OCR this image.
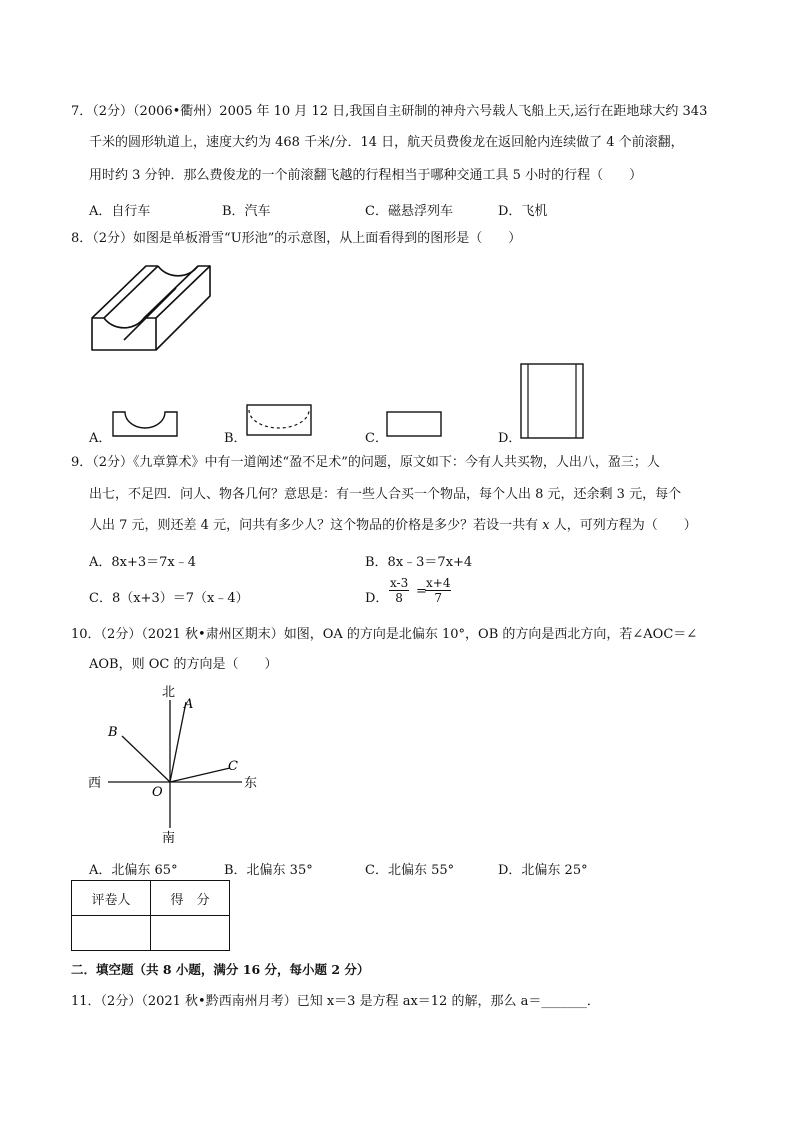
7．（2分）（2006•衢州）2005 年 10 月 12 日,我国自主研制的神舟六号载人飞船上天,运行在距地球大约 343
千米的圆形轨道上，速度大约为 468 千米/分．14 日，航天员费俊龙在返回舱内连续做了 4 个前滚翻，
用时约 3 分钟．那么费俊龙的一个前滚翻飞越的行程相当于哪种交通工具 5 小时的行程（　　）
A．自行车	B．汽车	C．磁悬浮列车	D．飞机
8．（2分）如图是单板滑雪“U形池”的示意图，从上面看得到的图形是（　　）
A．	B．	C．	D．
9．（2分）《九章算术》中有一道阐述“盈不足术”的问题，原文如下：今有人共买物，人出八，盈三；人
出七，不足四．问人、物各几何？意思是：有一些人合买一个物品，每个人出 8 元，还余剩 3 元，每个
人出 7 元，则还差 4 元，问共有多少人？这个物品的价格是多少？若设一共有 x 人，可列方程为（　　）
A．8x+3＝7x﹣4	B．8x﹣3＝7x+4
C．8（x+3）＝7（x﹣4）	D． $\frac{x-3}{8}$ =
$\frac{x+4}{7}$
10．（2分）（2021 秋•肃州区期末）如图，OA 的方向是北偏东 10°，OB 的方向是西北方向，若∠AOC＝∠
AOB，则 OC 的方向是（　　）
北
南
西	东
O
A
B
C
A．北偏东 65°	B．北偏东 35°	C．北偏东 55°	D．北偏东 25°
评卷人	得　分

二．填空题（共 8 小题，满分 16 分，每小题 2 分）
11．（2分）（2021 秋•黔西南州月考）已知 x＝3 是方程 ax＝12 的解，那么 a＝_______．
